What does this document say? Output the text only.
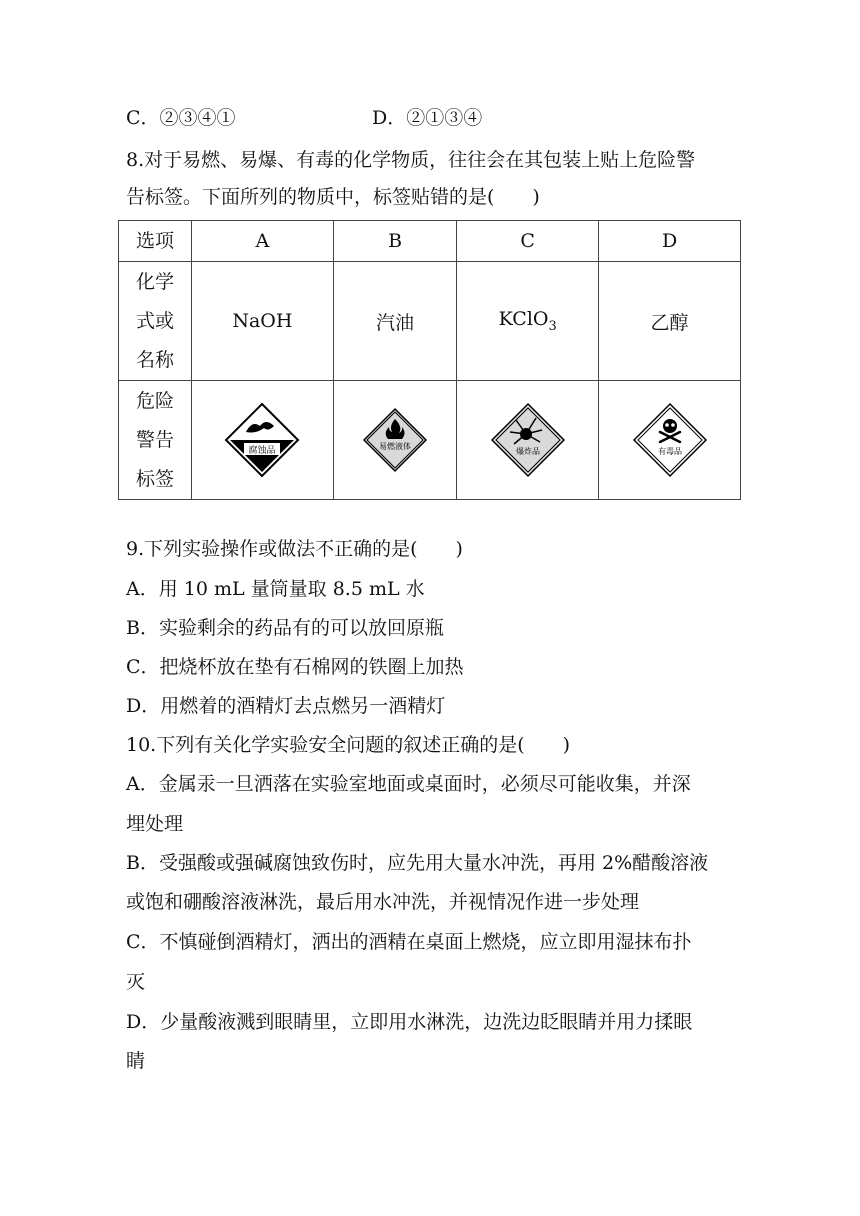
C．②③④①	D．②①③④
8.对于易燃、易爆、有毒的化学物质，往往会在其包装上贴上危险警
告标签。下面所列的物质中，标签贴错的是(　　)
选项	A	B	C	D

化学
式或
名称	NaOH	汽油	KClO$_3$	乙醇

危险
警告
标签	腐蚀品	易燃液体	爆炸品	有毒品
9.下列实验操作或做法不正确的是(　　)
A．用 10 mL 量筒量取 8.5 mL 水
B．实验剩余的药品有的可以放回原瓶
C．把烧杯放在垫有石棉网的铁圈上加热
D．用燃着的酒精灯去点燃另一酒精灯
10.下列有关化学实验安全问题的叙述正确的是(　　)
A．金属汞一旦洒落在实验室地面或桌面时，必须尽可能收集，并深
埋处理
B．受强酸或强碱腐蚀致伤时，应先用大量水冲洗，再用 2%醋酸溶液
或饱和硼酸溶液淋洗，最后用水冲洗，并视情况作进一步处理
C．不慎碰倒酒精灯，洒出的酒精在桌面上燃烧，应立即用湿抹布扑
灭
D．少量酸液溅到眼睛里，立即用水淋洗，边洗边眨眼睛并用力揉眼
睛
